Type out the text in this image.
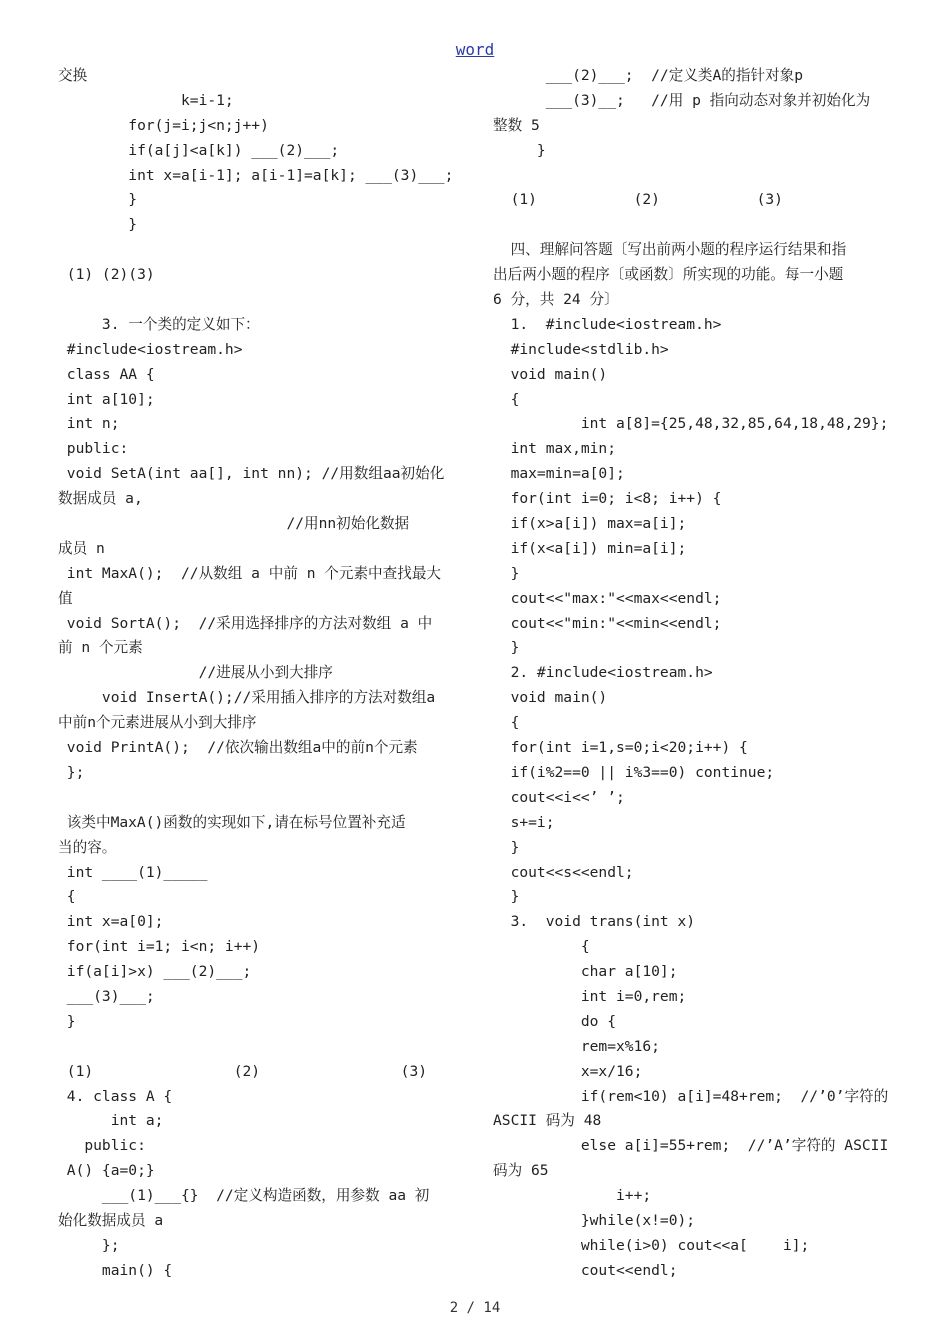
word
交换
k=i-1;
for(j=i;j<n;j++)
if(a[j]<a[k]) ___(2)___;
int x=a[i-1]; a[i-1]=a[k]; ___(3)___;
}
}
(1) (2)(3)
3. 一个类的定义如下：
#include<iostream.h>
class AA {
int a[10];
int n;
public:
void SetA(int aa[], int nn); //用数组aa初始化
数据成员 a,
//用nn初始化数据
成员 n
int MaxA();  //从数组 a 中前 n 个元素中查找最大
值
void SortA();  //采用选择排序的方法对数组 a 中
前 n 个元素
//进展从小到大排序
void InsertA();//采用插入排序的方法对数组a
中前n个元素进展从小到大排序
void PrintA();  //依次输出数组a中的前n个元素
};
该类中MaxA()函数的实现如下,请在标号位置补充适
当的容。
int ____(1)_____
{
int x=a[0];
for(int i=1; i<n; i++)
if(a[i]>x) ___(2)___;
___(3)___;
}
(1)                (2)                (3)
4. class A {
int a;
public:
A() {a=0;}
___(1)___{}  //定义构造函数，用参数 aa 初
始化数据成员 a
};
main() {
___(2)___;  //定义类A的指针对象p
___(3)__;   //用 p 指向动态对象并初始化为
整数 5
}
(1)           (2)           (3)
四、理解问答题〔写出前两小题的程序运行结果和指
出后两小题的程序〔或函数〕所实现的功能。每一小题
6 分，共 24 分〕
1.  #include<iostream.h>
#include<stdlib.h>
void main()
{
int a[8]={25,48,32,85,64,18,48,29};
int max,min;
max=min=a[0];
for(int i=0; i<8; i++) {
if(x>a[i]) max=a[i];
if(x<a[i]) min=a[i];
}
cout<<"max:"<<max<<endl;
cout<<"min:"<<min<<endl;
}
2. #include<iostream.h>
void main()
{
for(int i=1,s=0;i<20;i++) {
if(i%2==0 || i%3==0) continue;
cout<<i<<’ ’;
s+=i;
}
cout<<s<<endl;
}
3.  void trans(int x)
{
char a[10];
int i=0,rem;
do {
rem=x%16;
x=x/16;
if(rem<10) a[i]=48+rem;  //’0’字符的
ASCII 码为 48
else a[i]=55+rem;  //’A’字符的 ASCII
码为 65
i++;
}while(x!=0);
while(i>0) cout<<a[    i];
cout<<endl;
2 / 14
